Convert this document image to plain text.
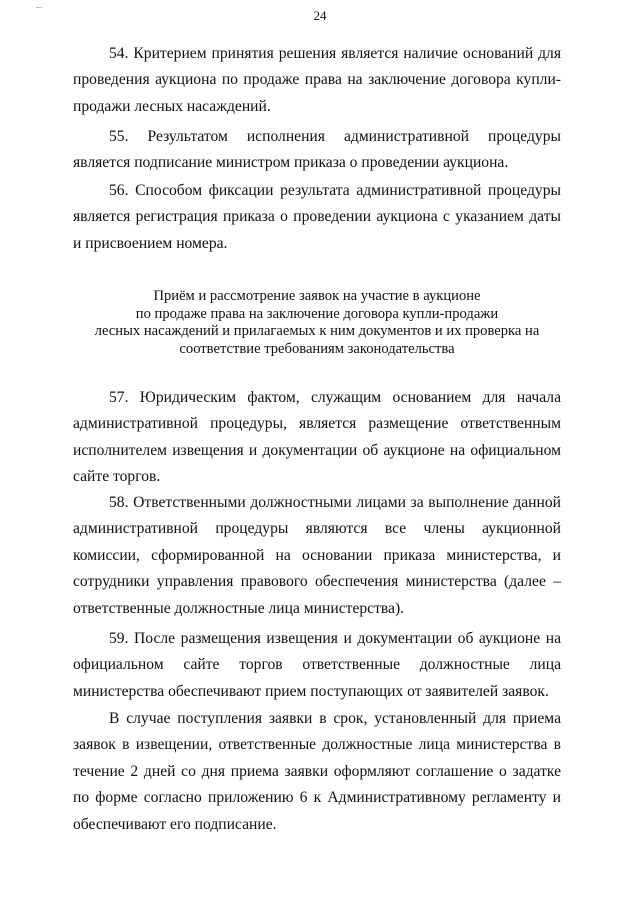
24

54. Критерием принятия решения является наличие оснований для проведения аукциона по продаже права на заключение договора купли-продажи лесных насаждений.

55. Результатом исполнения административной процедуры является подписание министром приказа о проведении аукциона.

56. Способом фиксации результата административной процедуры является регистрация приказа о проведении аукциона с указанием даты и присвоением номера.

Приём и рассмотрение заявок на участие в аукционе
по продаже права на заключение договора купли-продажи
лесных насаждений и прилагаемых к ним документов и их проверка на
соответствие требованиям законодательства

57. Юридическим фактом, служащим основанием для начала административной процедуры, является размещение ответственным исполнителем извещения и документации об аукционе на официальном сайте торгов.

58. Ответственными должностными лицами за выполнение данной административной процедуры являются все члены аукционной комиссии, сформированной на основании приказа министерства, и сотрудники управления правового обеспечения министерства (далее – ответственные должностные лица министерства).

59. После размещения извещения и документации об аукционе на официальном сайте торгов ответственные должностные лица министерства обеспечивают прием поступающих от заявителей заявок.

В случае поступления заявки в срок, установленный для приема заявок в извещении, ответственные должностные лица министерства в течение 2 дней со дня приема заявки оформляют соглашение о задатке по форме согласно приложению 6 к Административному регламенту и обеспечивают его подписание.
